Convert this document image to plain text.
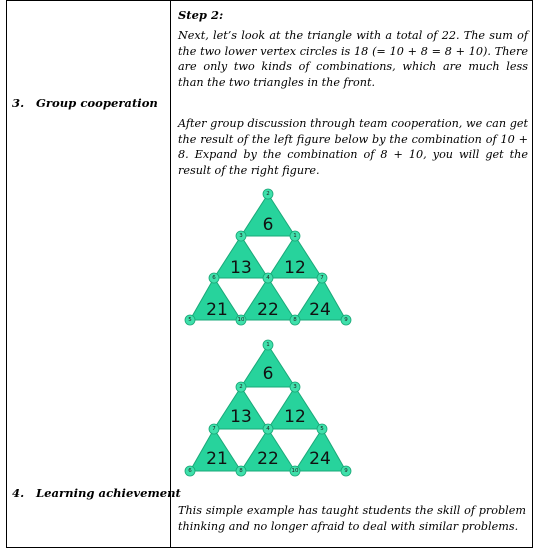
Step 2:
Next, let’s look at the triangle with a total of 22. The sum of the two lower vertex circles is 18 (= 10 + 8 = 8 + 10). There are only two kinds of combinations, which are much less than the two triangles in the front.
3. Group cooperation
After group discussion through team cooperation, we can get the result of the left figure below by the combination of 10 + 8. Expand by the combination of 8 + 10, you will get the result of the right figure.
6
13 12
21 22 24
2
3	1
6	4	7
5	10	8	9
6
13 12
21 22 24
1
2	3
7	4	5
6	8	10	9
4. Learning achievement
This simple example has taught students the skill of problem thinking and no longer afraid to deal with similar problems.
